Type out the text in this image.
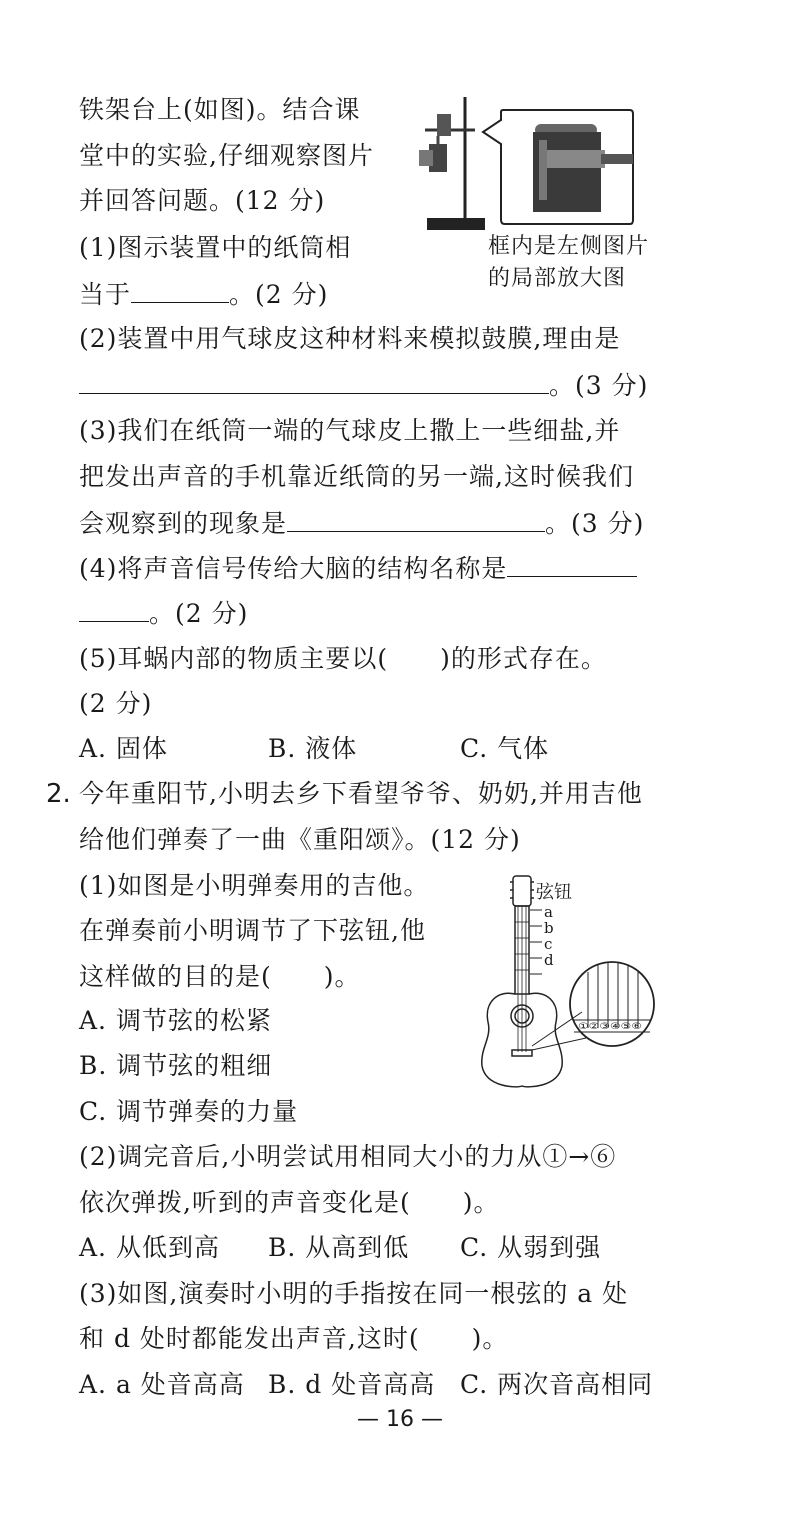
铁架台上(如图)。结合课
堂中的实验,仔细观察图片
并回答问题。(12 分)
(1)图示装置中的纸筒相
当于	。(2 分)
框内是左侧图片
的局部放大图
(2)装置中用气球皮这种材料来模拟鼓膜,理由是
。(3 分)
(3)我们在纸筒一端的气球皮上撒上一些细盐,并
把发出声音的手机靠近纸筒的另一端,这时候我们
会观察到的现象是	。(3 分)
(4)将声音信号传给大脑的结构名称是
。(2 分)
(5)耳蜗内部的物质主要以( )的形式存在。
(2 分)
A. 固体	B. 液体	C. 气体
2. 今年重阳节,小明去乡下看望爷爷、奶奶,并用吉他
给他们弹奏了一曲《重阳颂》。(12 分)
(1)如图是小明弹奏用的吉他。
在弹奏前小明调节了下弦钮,他
这样做的目的是( )。
A. 调节弦的松紧
B. 调节弦的粗细
C. 调节弹奏的力量
弦钮
a
b
c
d
①②③④⑤⑥
(2)调完音后,小明尝试用相同大小的力从①→⑥
依次弹拨,听到的声音变化是( )。
A. 从低到高 B. 从高到低 C. 从弱到强
(3)如图,演奏时小明的手指按在同一根弦的 a 处
和 d 处时都能发出声音,这时( )。
A. a 处音高高 B. d 处音高高 C. 两次音高相同
— 16 —
